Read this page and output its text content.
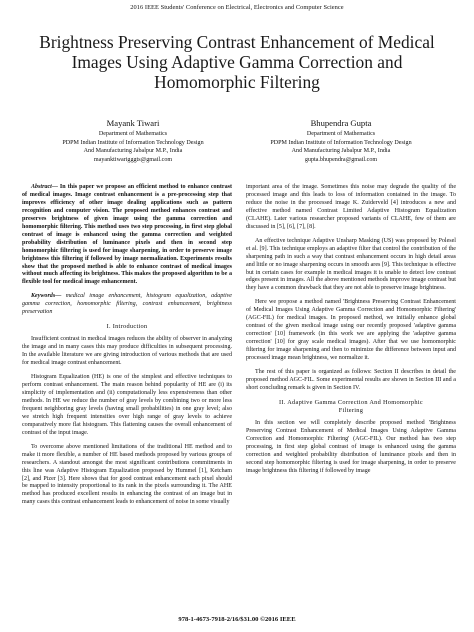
2016 IEEE Students' Conference on Electrical, Electronics and Computer Science
Brightness Preserving Contrast Enhancement of Medical Images Using Adaptive Gamma Correction and Homomorphic Filtering
Mayank Tiwari
Department of Mathematics
PDPM Indian Institute of Information Technology Design
And Manufacturing Jabalpur M.P., India
mayanktiwarigggts@gmail.com
Bhupendra Gupta
Department of Mathematics
PDPM Indian Institute of Information Technology Design
And Manufacturing Jabalpur M.P., India
gupta.bhupendra@gmail.com

Abstract— In this paper we propose an efficient method to enhance contrast of medical images. Image contrast enhancement is a pre-processing step that improves efficiency of other image dealing applications such as pattern recognition and computer vision. The proposed method enhances contrast and preserves brightness of given image using the gamma correction and homomorphic filtering. This method uses two step processing, in first step global contrast of image is enhanced using the gamma correction and weighted probability distribution of luminance pixels and then in second step homomorphic filtering is used for image sharpening, in order to preserve image brightness this filtering if followed by image normalization. Experiments results show that the proposed method is able to enhance contrast of medical images without much affecting its brightness. This makes the proposed algorithm to be a flexible tool for medical image enhancement.

Keywords— medical image enhancement, histogram equalization, adaptive gamma correction, homomorphic filtering, contrast enhancement, brightness preservation

I. Introduction

Insufficient contrast in medical images reduces the ability of observer in analyzing the image and in many cases this may produce difficulties in subsequent processing. In the available literature we are giving introduction of various methods that are used for medical image contrast enhancement.

Histogram Equalization (HE) is one of the simplest and effective techniques to perform contrast enhancement. The main reason behind popularity of HE are (i) its simplicity of implementation and (ii) computationally less expensiveness than other methods. In HE we reduce the number of gray levels by combining two or more less frequent neighboring gray levels (having small probabilities) in one gray level; also we stretch high frequent intensities over high range of gray levels to achieve comparatively more flat histogram. This flattening causes the overall enhancement of contrast of the input image.

To overcome above mentioned limitations of the traditional HE method and to make it more flexible, a number of HE based methods proposed by various groups of researchers. A standout amongst the most significant contributions commitments in this line was Adaptive Histogram Equalization proposed by Hummel [1], Ketcham [2], and Pizer [3]. Here shows that for good contrast enhancement each pixel should be mapped to intensity proportional to its rank in the pixels surrounding it. The AHE method has produced excellent results in enhancing the contrast of an image but in many cases this contrast enhancement leads to enhancement of noise in some visually

important area of the image. Sometimes this noise may degrade the quality of the processed image and this leads to loss of information contained in the image. To reduce the noise in the processed image K. Zuiderveld [4] introduces a new and effective method named Contrast Limited Adaptive Histogram Equalization (CLAHE). Later various researcher proposed variants of CLAHE, few of them are discussed in [5], [6], [7], [8].

An effective technique Adaptive Unsharp Masking (US) was proposed by Polesel et al. [9]. This technique employs an adaptive filter that control the contribution of the sharpening path in such a way that contrast enhancement occurs in high detail areas and little or no image sharpening occurs in smooth ares [9]. This technique is effective but in certain cases for example in medical images it is unable to detect low contrast edges present in images. All the above mentioned methods improve image contrast but they have a common drawback that they are not able to preserve image brightness.

Here we propose a method named 'Brightness Preserving Contrast Enhancement of Medical Images Using Adaptive Gamma Correction and Homomorphic Filtering' (AGC-FIL) for medical images. In proposed method, we initially enhance global contrast of the given medical image using our recently proposed 'adaptive gamma correction' [10] framework (in this work we are applying the 'adaptive gamma correction' [10] for gray scale medical images). After that we use homomorphic filtering for image sharpening and then to minimize the difference between input and processed image mean brightness, we normalize it.

The rest of this paper is organized as follows: Section II describes in detail the proposed method AGC-FIL. Some experimental results are shown in Section III and a short concluding remark is given in Section IV.

II. Adaptive Gamma Correction And Homomorphic
Filtering

In this section we will completely describe proposed method 'Brightness Preserving Contrast Enhancement of Medical Images Using Adaptive Gamma Correction and Homomorphic Filtering' (AGC-FIL). Our method has two step processing, in first step global contrast of image is enhanced using the gamma correction and weighted probability distribution of luminance pixels and then in second step homomorphic filtering is used for image sharpening, in order to preserve image brightness this filtering if followed by image

978-1-4673-7918-2/16/$31.00 ©2016 IEEE
